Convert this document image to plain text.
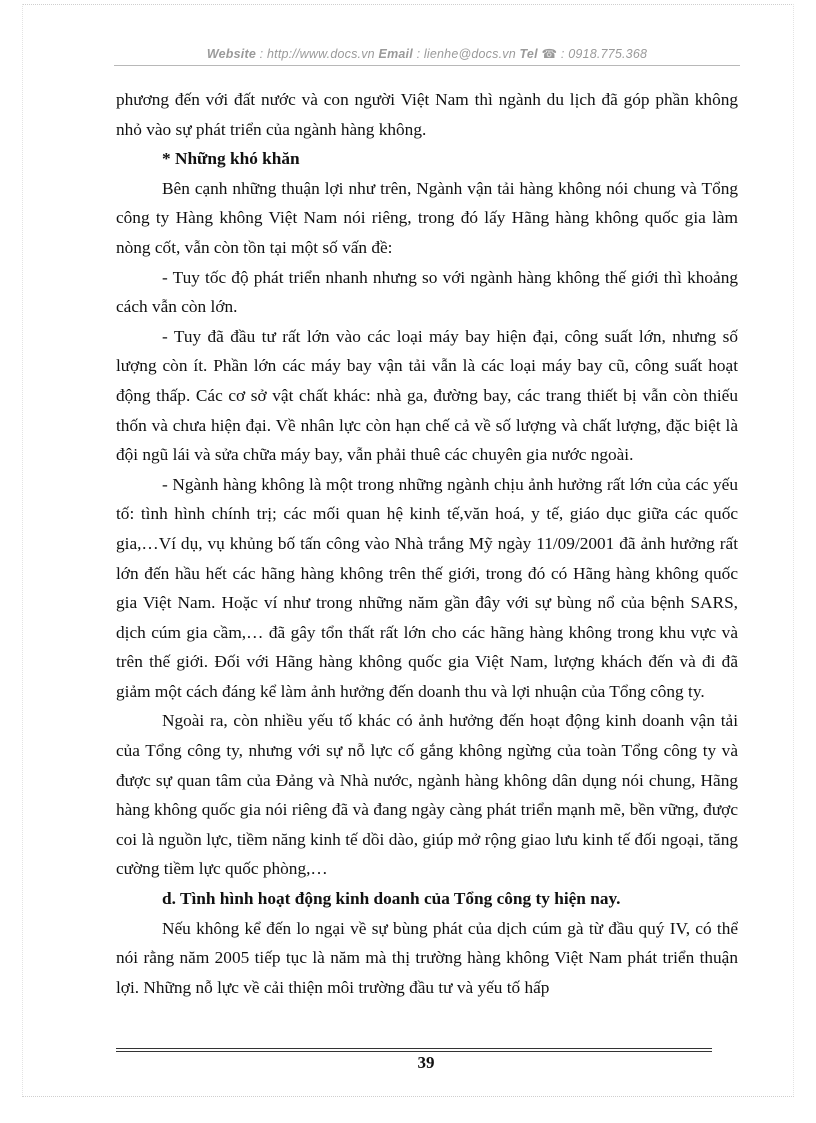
Website : http://www.docs.vn Email : lienhe@docs.vn Tel ☎ : 0918.775.368

phương đến với đất nước và con người Việt Nam thì ngành du lịch đã góp phần không nhỏ vào sự phát triển của ngành hàng không.

* Những khó khăn

Bên cạnh những thuận lợi như trên, Ngành vận tải hàng không nói chung và Tổng công ty Hàng không Việt Nam nói riêng, trong đó lấy Hãng hàng không quốc gia làm nòng cốt, vẫn còn tồn tại một số vấn đề:

- Tuy tốc độ phát triển nhanh nhưng so với ngành hàng không thế giới thì khoảng cách vẫn còn lớn.

- Tuy đã đầu tư rất lớn vào các loại máy bay hiện đại, công suất lớn, nhưng số lượng còn ít. Phần lớn các máy bay vận tải vẫn là các loại máy bay cũ, công suất hoạt động thấp. Các cơ sở vật chất khác: nhà ga, đường bay, các trang thiết bị vẫn còn thiếu thốn và chưa hiện đại. Về nhân lực còn hạn chế cả về số lượng và chất lượng, đặc biệt là đội ngũ lái và sửa chữa máy bay, vẫn phải thuê các chuyên gia nước ngoài.

- Ngành hàng không là một trong những ngành chịu ảnh hưởng rất lớn của các yếu tố: tình hình chính trị; các mối quan hệ kinh tế,văn hoá, y tế, giáo dục giữa các quốc gia,…Ví dụ, vụ khủng bố tấn công vào Nhà trắng Mỹ ngày 11/09/2001 đã ảnh hưởng rất lớn đến hầu hết các hãng hàng không trên thế giới, trong đó có Hãng hàng không quốc gia Việt Nam. Hoặc ví như trong những năm gần đây với sự bùng nổ của bệnh SARS, dịch cúm gia cầm,… đã gây tổn thất rất lớn cho các hãng hàng không trong khu vực và trên thế giới. Đối với Hãng hàng không quốc gia Việt Nam, lượng khách đến và đi đã giảm một cách đáng kể làm ảnh hưởng đến doanh thu và lợi nhuận của Tổng công ty.

Ngoài ra, còn nhiều yếu tố khác có ảnh hưởng đến hoạt động kinh doanh vận tải của Tổng công ty, nhưng với sự nỗ lực cố gắng không ngừng của toàn Tổng công ty và được sự quan tâm của Đảng và Nhà nước, ngành hàng không dân dụng nói chung, Hãng hàng không quốc gia nói riêng đã và đang ngày càng phát triển mạnh mẽ, bền vững, được coi là nguồn lực, tiềm năng kinh tế dồi dào, giúp mở rộng giao lưu kinh tế đối ngoại, tăng cường tiềm lực quốc phòng,…

d. Tình hình hoạt động kinh doanh của Tổng công ty hiện nay.

Nếu không kể đến lo ngại về sự bùng phát của dịch cúm gà từ đầu quý IV, có thể nói rằng năm 2005 tiếp tục là năm mà thị trường hàng không Việt Nam phát triển thuận lợi. Những nỗ lực về cải thiện môi trường đầu tư và yếu tố hấp

39
